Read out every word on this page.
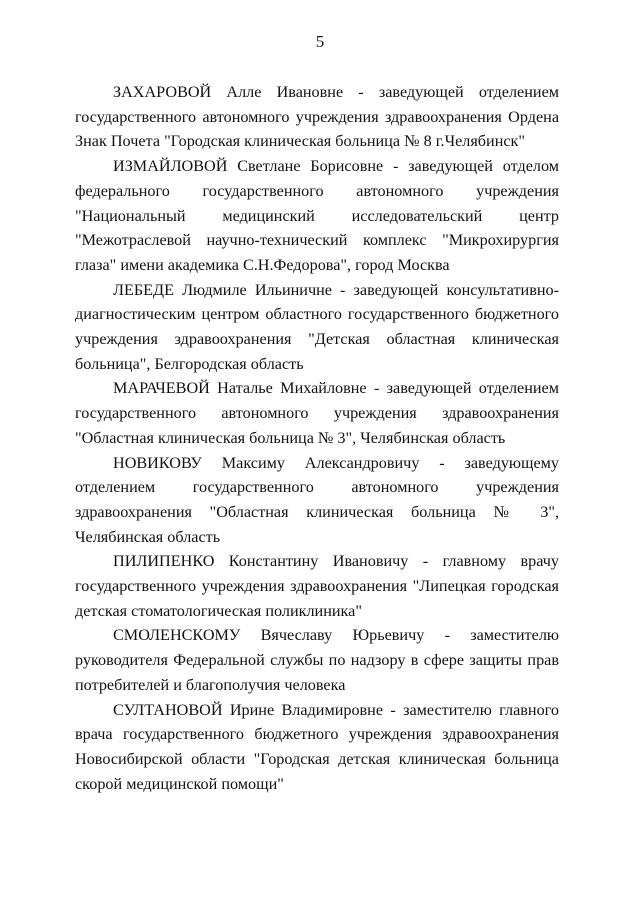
5

ЗАХАРОВОЙ Алле Ивановне - заведующей отделением государственного автономного учреждения здравоохранения Ордена Знак Почета "Городская клиническая больница № 8 г.Челябинск"

ИЗМАЙЛОВОЙ Светлане Борисовне - заведующей отделом федерального государственного автономного учреждения "Национальный медицинский исследовательский центр "Межотраслевой научно-технический комплекс "Микрохирургия глаза" имени академика С.Н.Федорова", город Москва

ЛЕБЕДЕ Людмиле Ильиничне - заведующей консультативно-диагностическим центром областного государственного бюджетного учреждения здравоохранения "Детская областная клиническая больница", Белгородская область

МАРАЧЕВОЙ Наталье Михайловне - заведующей отделением государственного автономного учреждения здравоохранения "Областная клиническая больница № 3", Челябинская область

НОВИКОВУ Максиму Александровичу - заведующему отделением государственного автономного учреждения здравоохранения "Областная клиническая больница № 3", Челябинская область

ПИЛИПЕНКО Константину Ивановичу - главному врачу государственного учреждения здравоохранения "Липецкая городская детская стоматологическая поликлиника"

СМОЛЕНСКОМУ Вячеславу Юрьевичу - заместителю руководителя Федеральной службы по надзору в сфере защиты прав потребителей и благополучия человека

СУЛТАНОВОЙ Ирине Владимировне - заместителю главного врача государственного бюджетного учреждения здравоохранения Новосибирской области "Городская детская клиническая больница скорой медицинской помощи"
